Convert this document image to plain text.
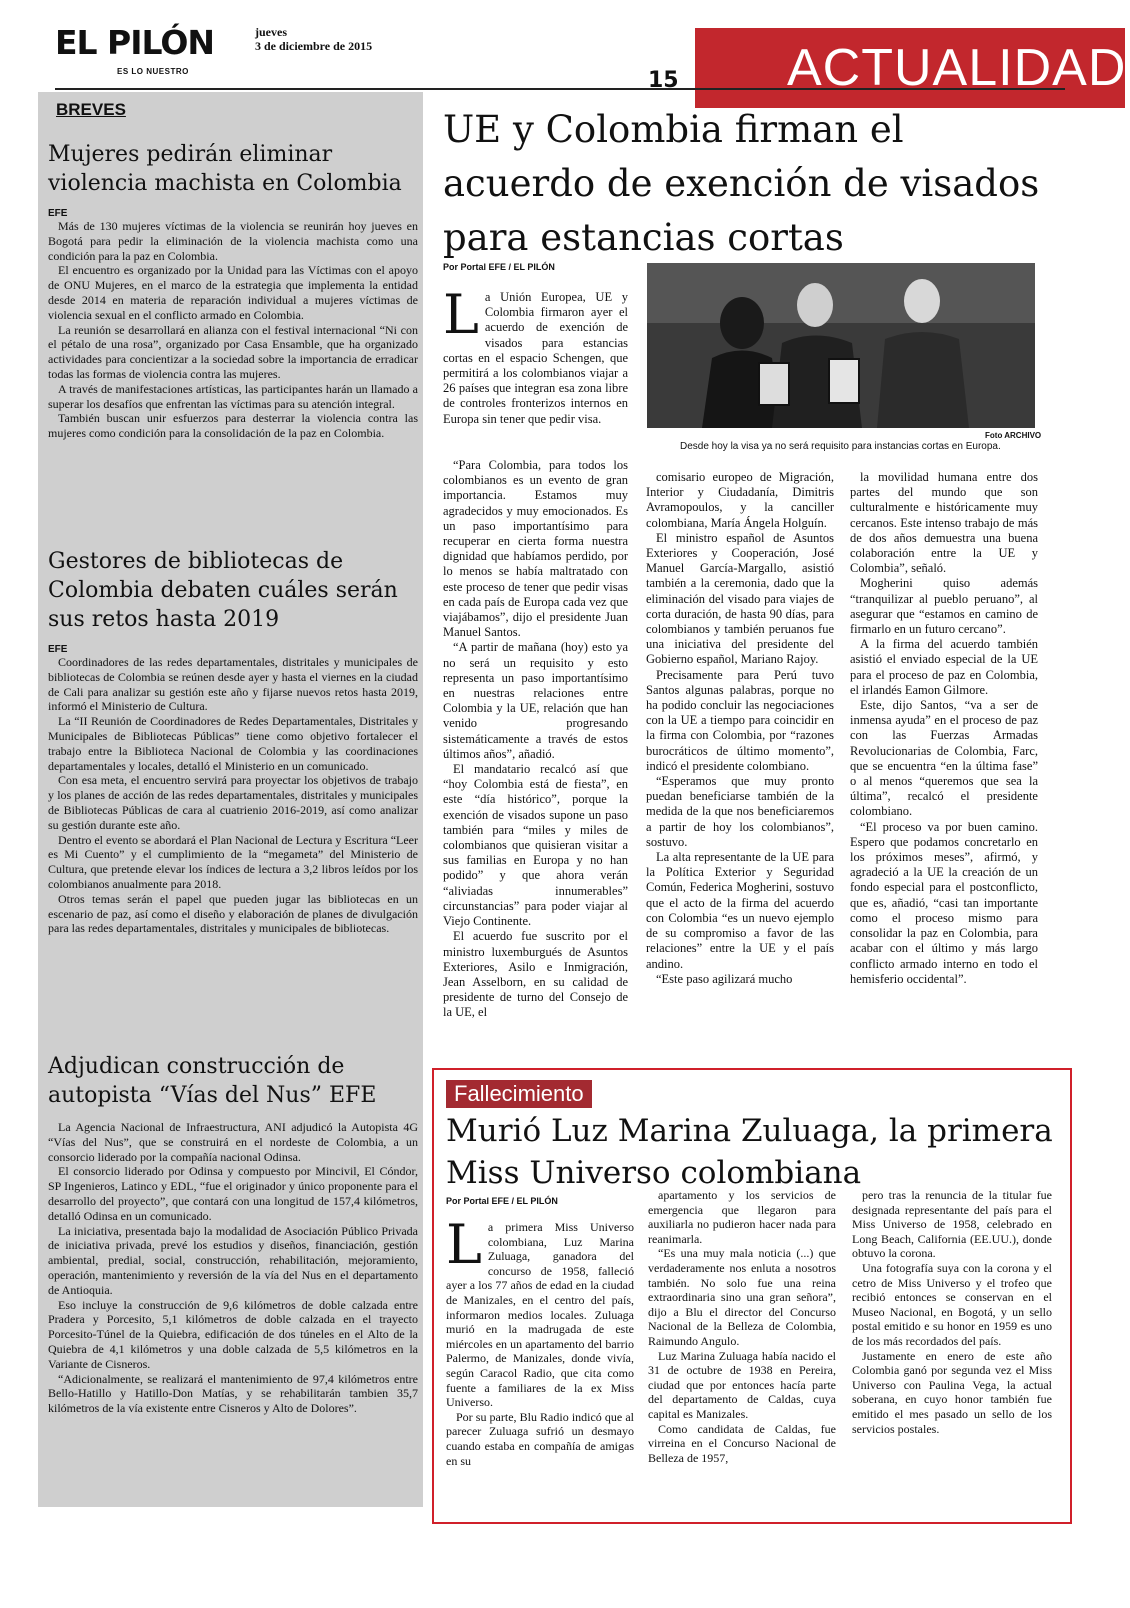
EL PILÓN
ES LO NUESTRO
jueves
3 de diciembre de 2015
15 ACTUALIDAD
BREVES
Mujeres pedirán eliminar violencia machista en Colombia
EFE

Más de 130 mujeres víctimas de la violencia se reunirán hoy jueves en Bogotá para pedir la eliminación de la violencia machista como una condición para la paz en Colombia.

El encuentro es organizado por la Unidad para las Víctimas con el apoyo de ONU Mujeres, en el marco de la estrategia que implementa la entidad desde 2014 en materia de reparación individual a mujeres víctimas de violencia sexual en el conflicto armado en Colombia.

La reunión se desarrollará en alianza con el festival internacional “Ni con el pétalo de una rosa”, organizado por Casa Ensamble, que ha organizado actividades para concientizar a la sociedad sobre la importancia de erradicar todas las formas de violencia contra las mujeres.

A través de manifestaciones artísticas, las participantes harán un llamado a superar los desafíos que enfrentan las víctimas para su atención integral.

También buscan unir esfuerzos para desterrar la violencia contra las mujeres como condición para la consolidación de la paz en Colombia.

Gestores de bibliotecas de Colombia debaten cuáles serán sus retos hasta 2019
EFE

Coordinadores de las redes departamentales, distritales y municipales de bibliotecas de Colombia se reúnen desde ayer y hasta el viernes en la ciudad de Cali para analizar su gestión este año y fijarse nuevos retos hasta 2019, informó el Ministerio de Cultura.

La “II Reunión de Coordinadores de Redes Departamentales, Distritales y Municipales de Bibliotecas Públicas” tiene como objetivo fortalecer el trabajo entre la Biblioteca Nacional de Colombia y las coordinaciones departamentales y locales, detalló el Ministerio en un comunicado.

Con esa meta, el encuentro servirá para proyectar los objetivos de trabajo y los planes de acción de las redes departamentales, distritales y municipales de Bibliotecas Públicas de cara al cuatrienio 2016-2019, así como analizar su gestión durante este año.

Dentro el evento se abordará el Plan Nacional de Lectura y Escritura “Leer es Mi Cuento” y el cumplimiento de la “megameta” del Ministerio de Cultura, que pretende elevar los índices de lectura a 3,2 libros leídos por los colombianos anualmente para 2018.

Otros temas serán el papel que pueden jugar las bibliotecas en un escenario de paz, así como el diseño y elaboración de planes de divulgación para las redes departamentales, distritales y municipales de bibliotecas.

Adjudican construcción de autopista “Vías del Nus” EFE

La Agencia Nacional de Infraestructura, ANI adjudicó la Autopista 4G “Vías del Nus”, que se construirá en el nordeste de Colombia, a un consorcio liderado por la compañía nacional Odinsa.

El consorcio liderado por Odinsa y compuesto por Mincivil, El Cóndor, SP Ingenieros, Latinco y EDL, “fue el originador y único proponente para el desarrollo del proyecto”, que contará con una longitud de 157,4 kilómetros, detalló Odinsa en un comunicado.

La iniciativa, presentada bajo la modalidad de Asociación Público Privada de iniciativa privada, prevé los estudios y diseños, financiación, gestión ambiental, predial, social, construcción, rehabilitación, mejoramiento, operación, mantenimiento y reversión de la vía del Nus en el departamento de Antioquia.

Eso incluye la construcción de 9,6 kilómetros de doble calzada entre Pradera y Porcesito, 5,1 kilómetros de doble calzada en el trayecto Porcesito-Túnel de la Quiebra, edificación de dos túneles en el Alto de la Quiebra de 4,1 kilómetros y una doble calzada de 5,5 kilómetros en la Variante de Cisneros.

“Adicionalmente, se realizará el mantenimiento de 97,4 kilómetros entre Bello-Hatillo y Hatillo-Don Matías, y se rehabilitarán tambien 35,7 kilómetros de la vía existente entre Cisneros y Alto de Dolores”.

UE y Colombia firman el acuerdo de exención de visados para estancias cortas
Por Portal EFE / EL PILÓN
Foto ARCHIVO
Desde hoy la visa ya no será requisito para instancias cortas en Europa.
L a Unión Europea, UE y Colombia firmaron ayer el acuerdo de exención de visados para estancias cortas en el espacio Schengen, que permitirá a los colombianos viajar a 26 países que integran esa zona libre de controles fronterizos internos en Europa sin tener que pedir visa.

“Para Colombia, para todos los colombianos es un evento de gran importancia. Estamos muy agradecidos y muy emocionados. Es un paso importantísimo para recuperar en cierta forma nuestra dignidad que habíamos perdido, por lo menos se había maltratado con este proceso de tener que pedir visas en cada país de Europa cada vez que viajábamos”, dijo el presidente Juan Manuel Santos.

“A partir de mañana (hoy) esto ya no será un requisito y esto representa un paso importantísimo en nuestras relaciones entre Colombia y la UE, relación que han venido progresando sistemáticamente a través de estos últimos años”, añadió.

El mandatario recalcó así que “hoy Colombia está de fiesta”, en este “día histórico”, porque la exención de visados supone un paso también para “miles y miles de colombianos que quisieran visitar a sus familias en Europa y no han podido” y que ahora verán “aliviadas innumerables” circunstancias” para poder viajar al Viejo Continente.

El acuerdo fue suscrito por el ministro luxemburgués de Asuntos Exteriores, Asilo e Inmigración, Jean Asselborn, en su calidad de presidente de turno del Consejo de la UE, el

comisario europeo de Migración, Interior y Ciudadanía, Dimitris Avramopoulos, y la canciller colombiana, María Ángela Holguín.

El ministro español de Asuntos Exteriores y Cooperación, José Manuel García-Margallo, asistió también a la ceremonia, dado que la eliminación del visado para viajes de corta duración, de hasta 90 días, para colombianos y también peruanos fue una iniciativa del presidente del Gobierno español, Mariano Rajoy.

Precisamente para Perú tuvo Santos algunas palabras, porque no ha podido concluir las negociaciones con la UE a tiempo para coincidir en la firma con Colombia, por “razones burocráticos de último momento”, indicó el presidente colombiano.

“Esperamos que muy pronto puedan beneficiarse también de la medida de la que nos beneficiaremos a partir de hoy los colombianos”, sostuvo.

La alta representante de la UE para la Política Exterior y Seguridad Común, Federica Mogherini, sostuvo que el acto de la firma del acuerdo con Colombia “es un nuevo ejemplo de su compromiso a favor de las relaciones” entre la UE y el país andino.

“Este paso agilizará mucho

la movilidad humana entre dos partes del mundo que son culturalmente e históricamente muy cercanos. Este intenso trabajo de más de dos años demuestra una buena colaboración entre la UE y Colombia”, señaló.

Mogherini quiso además “tranquilizar al pueblo peruano”, al asegurar que “estamos en camino de firmarlo en un futuro cercano”.

A la firma del acuerdo también asistió el enviado especial de la UE para el proceso de paz en Colombia, el irlandés Eamon Gilmore.

Este, dijo Santos, “va a ser de inmensa ayuda” en el proceso de paz con las Fuerzas Armadas Revolucionarias de Colombia, Farc, que se encuentra “en la última fase” o al menos “queremos que sea la última”, recalcó el presidente colombiano.

“El proceso va por buen camino. Espero que podamos concretarlo en los próximos meses”, afirmó, y agradeció a la UE la creación de un fondo especial para el postconflicto, que es, añadió, “casi tan importante como el proceso mismo para consolidar la paz en Colombia, para acabar con el último y más largo conflicto armado interno en todo el hemisferio occidental”.

Fallecimiento
Murió Luz Marina Zuluaga, la primera Miss Universo colombiana
Por Portal EFE / EL PILÓN
L a primera Miss Universo colombiana, Luz Marina Zuluaga, ganadora del concurso de 1958, falleció ayer a los 77 años de edad en la ciudad de Manizales, en el centro del país, informaron medios locales. Zuluaga murió en la madrugada de este miércoles en un apartamento del barrio Palermo, de Manizales, donde vivía, según Caracol Radio, que cita como fuente a familiares de la ex Miss Universo.

Por su parte, Blu Radio indicó que al parecer Zuluaga sufrió un desmayo cuando estaba en compañía de amigas en su

apartamento y los servicios de emergencia que llegaron para auxiliarla no pudieron hacer nada para reanimarla.

“Es una muy mala noticia (...) que verdaderamente nos enluta a nosotros también. No solo fue una reina extraordinaria sino una gran señora”, dijo a Blu el director del Concurso Nacional de la Belleza de Colombia, Raimundo Angulo.

Luz Marina Zuluaga había nacido el 31 de octubre de 1938 en Pereira, ciudad que por entonces hacía parte del departamento de Caldas, cuya capital es Manizales.

Como candidata de Caldas, fue virreina en el Concurso Nacional de Belleza de 1957,

pero tras la renuncia de la titular fue designada representante del país para el Miss Universo de 1958, celebrado en Long Beach, California (EE.UU.), donde obtuvo la corona.

Una fotografía suya con la corona y el cetro de Miss Universo y el trofeo que recibió entonces se conservan en el Museo Nacional, en Bogotá, y un sello postal emitido e su honor en 1959 es uno de los más recordados del país.

Justamente en enero de este año Colombia ganó por segunda vez el Miss Universo con Paulina Vega, la actual soberana, en cuyo honor también fue emitido el mes pasado un sello de los servicios postales.
